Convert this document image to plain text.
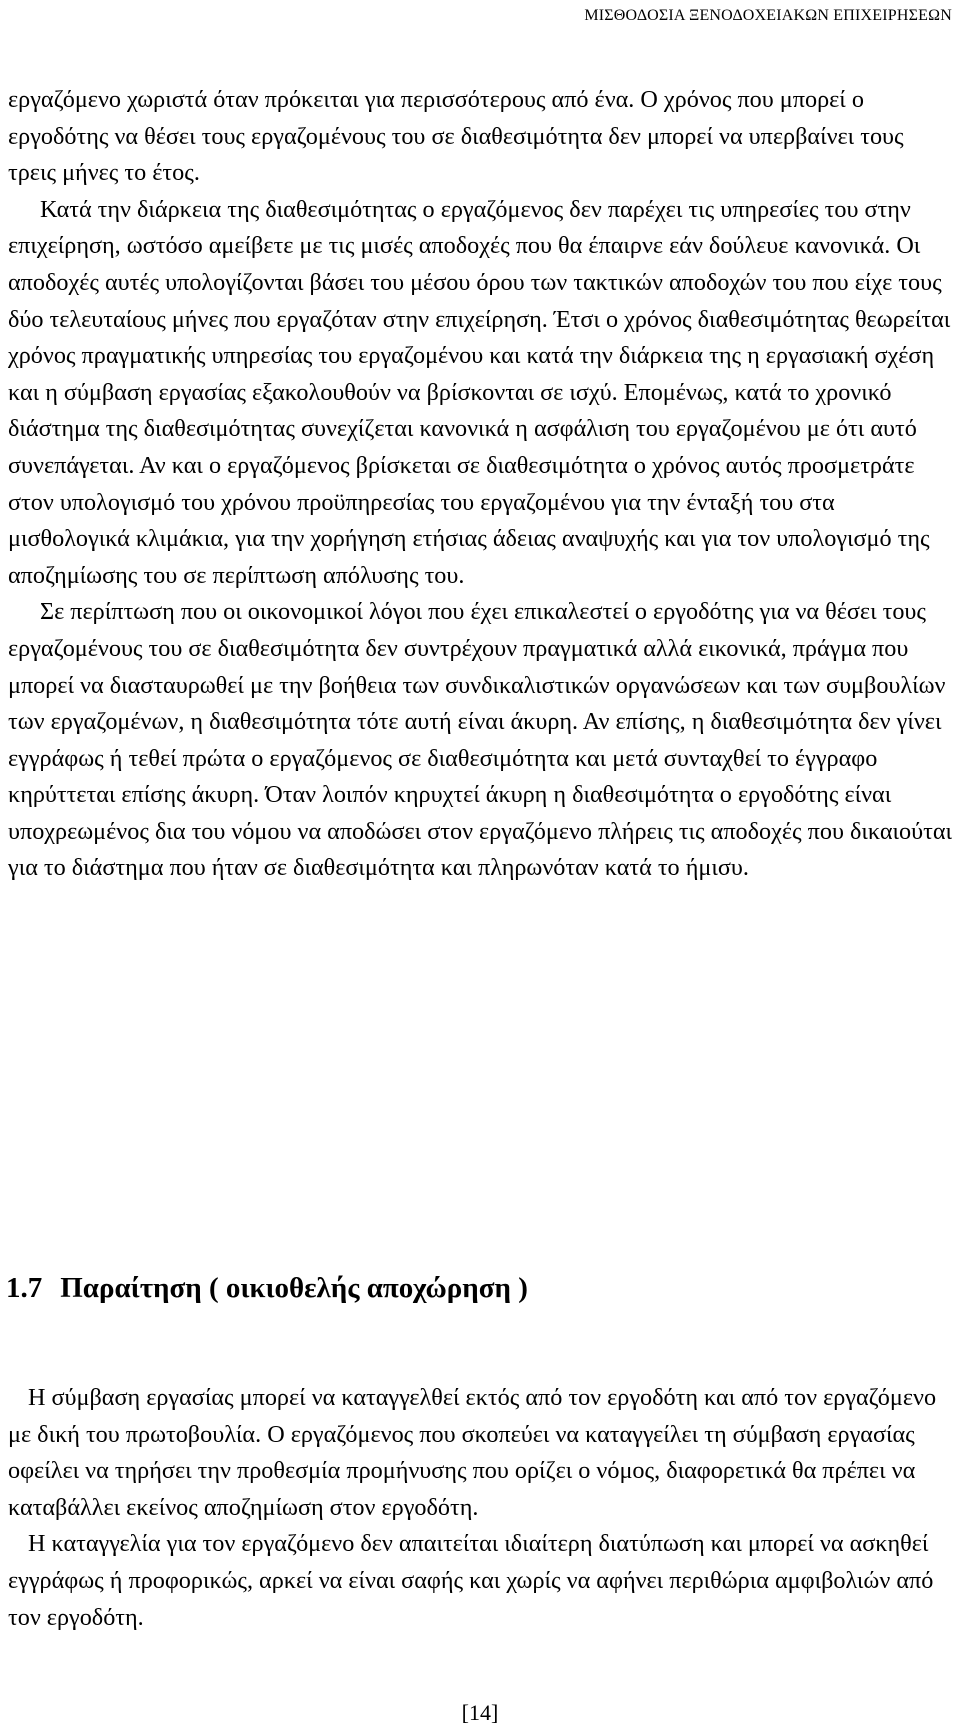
ΜΙΣΘΟΔΟΣΙΑ ΞΕΝΟΔΟΧΕΙΑΚΩΝ ΕΠΙΧΕΙΡΗΣΕΩΝ

εργαζόμενο χωριστά όταν πρόκειται για περισσότερους από ένα. Ο χρόνος που μπορεί ο εργοδότης να θέσει τους εργαζομένους του σε διαθεσιμότητα δεν μπορεί να υπερβαίνει τους τρεις μήνες το έτος.

Κατά την διάρκεια της διαθεσιμότητας ο εργαζόμενος δεν παρέχει τις υπηρεσίες του στην επιχείρηση, ωστόσο αμείβετε με τις μισές αποδοχές που θα έπαιρνε εάν δούλευε κανονικά. Οι αποδοχές αυτές υπολογίζονται βάσει του μέσου όρου των τακτικών αποδοχών του που είχε τους δύο τελευταίους μήνες που εργαζόταν στην επιχείρηση. Έτσι ο χρόνος διαθεσιμότητας θεωρείται χρόνος πραγματικής υπηρεσίας του εργαζομένου και κατά την διάρκεια της η εργασιακή σχέση και η σύμβαση εργασίας εξακολουθούν να βρίσκονται σε ισχύ. Επομένως, κατά το χρονικό διάστημα της διαθεσιμότητας συνεχίζεται κανονικά η ασφάλιση του εργαζομένου με ότι αυτό συνεπάγεται. Αν και ο εργαζόμενος βρίσκεται σε διαθεσιμότητα ο χρόνος αυτός προσμετράτε στον υπολογισμό του χρόνου προϋπηρεσίας του εργαζομένου για την ένταξή του στα μισθολογικά κλιμάκια, για την χορήγηση ετήσιας άδειας αναψυχής και για τον υπολογισμό της αποζημίωσης του σε περίπτωση απόλυσης του.

Σε περίπτωση που οι οικονομικοί λόγοι που έχει επικαλεστεί ο εργοδότης για να θέσει τους εργαζομένους του σε διαθεσιμότητα δεν συντρέχουν πραγματικά αλλά εικονικά, πράγμα που μπορεί να διασταυρωθεί με την βοήθεια των συνδικαλιστικών οργανώσεων και των συμβουλίων των εργαζομένων, η διαθεσιμότητα τότε αυτή είναι άκυρη. Αν επίσης, η διαθεσιμότητα δεν γίνει εγγράφως ή τεθεί πρώτα ο εργαζόμενος σε διαθεσιμότητα και μετά συνταχθεί το έγγραφο κηρύττεται επίσης άκυρη. Όταν λοιπόν κηρυχτεί άκυρη η διαθεσιμότητα ο εργοδότης είναι υποχρεωμένος δια του νόμου να αποδώσει στον εργαζόμενο πλήρεις τις αποδοχές που δικαιούται για το διάστημα που ήταν σε διαθεσιμότητα και πληρωνόταν κατά το ήμισυ.

1.7 Παραίτηση ( οικιοθελής αποχώρηση )

Η σύμβαση εργασίας μπορεί να καταγγελθεί εκτός από τον εργοδότη και από τον εργαζόμενο με δική του πρωτοβουλία. Ο εργαζόμενος που σκοπεύει να καταγγείλει τη σύμβαση εργασίας οφείλει να τηρήσει την προθεσμία προμήνυσης που ορίζει ο νόμος, διαφορετικά θα πρέπει να καταβάλλει εκείνος αποζημίωση στον εργοδότη.

Η καταγγελία για τον εργαζόμενο δεν απαιτείται ιδιαίτερη διατύπωση και μπορεί να ασκηθεί εγγράφως ή προφορικώς, αρκεί να είναι σαφής και χωρίς να αφήνει περιθώρια αμφιβολιών από τον εργοδότη.

[14]
